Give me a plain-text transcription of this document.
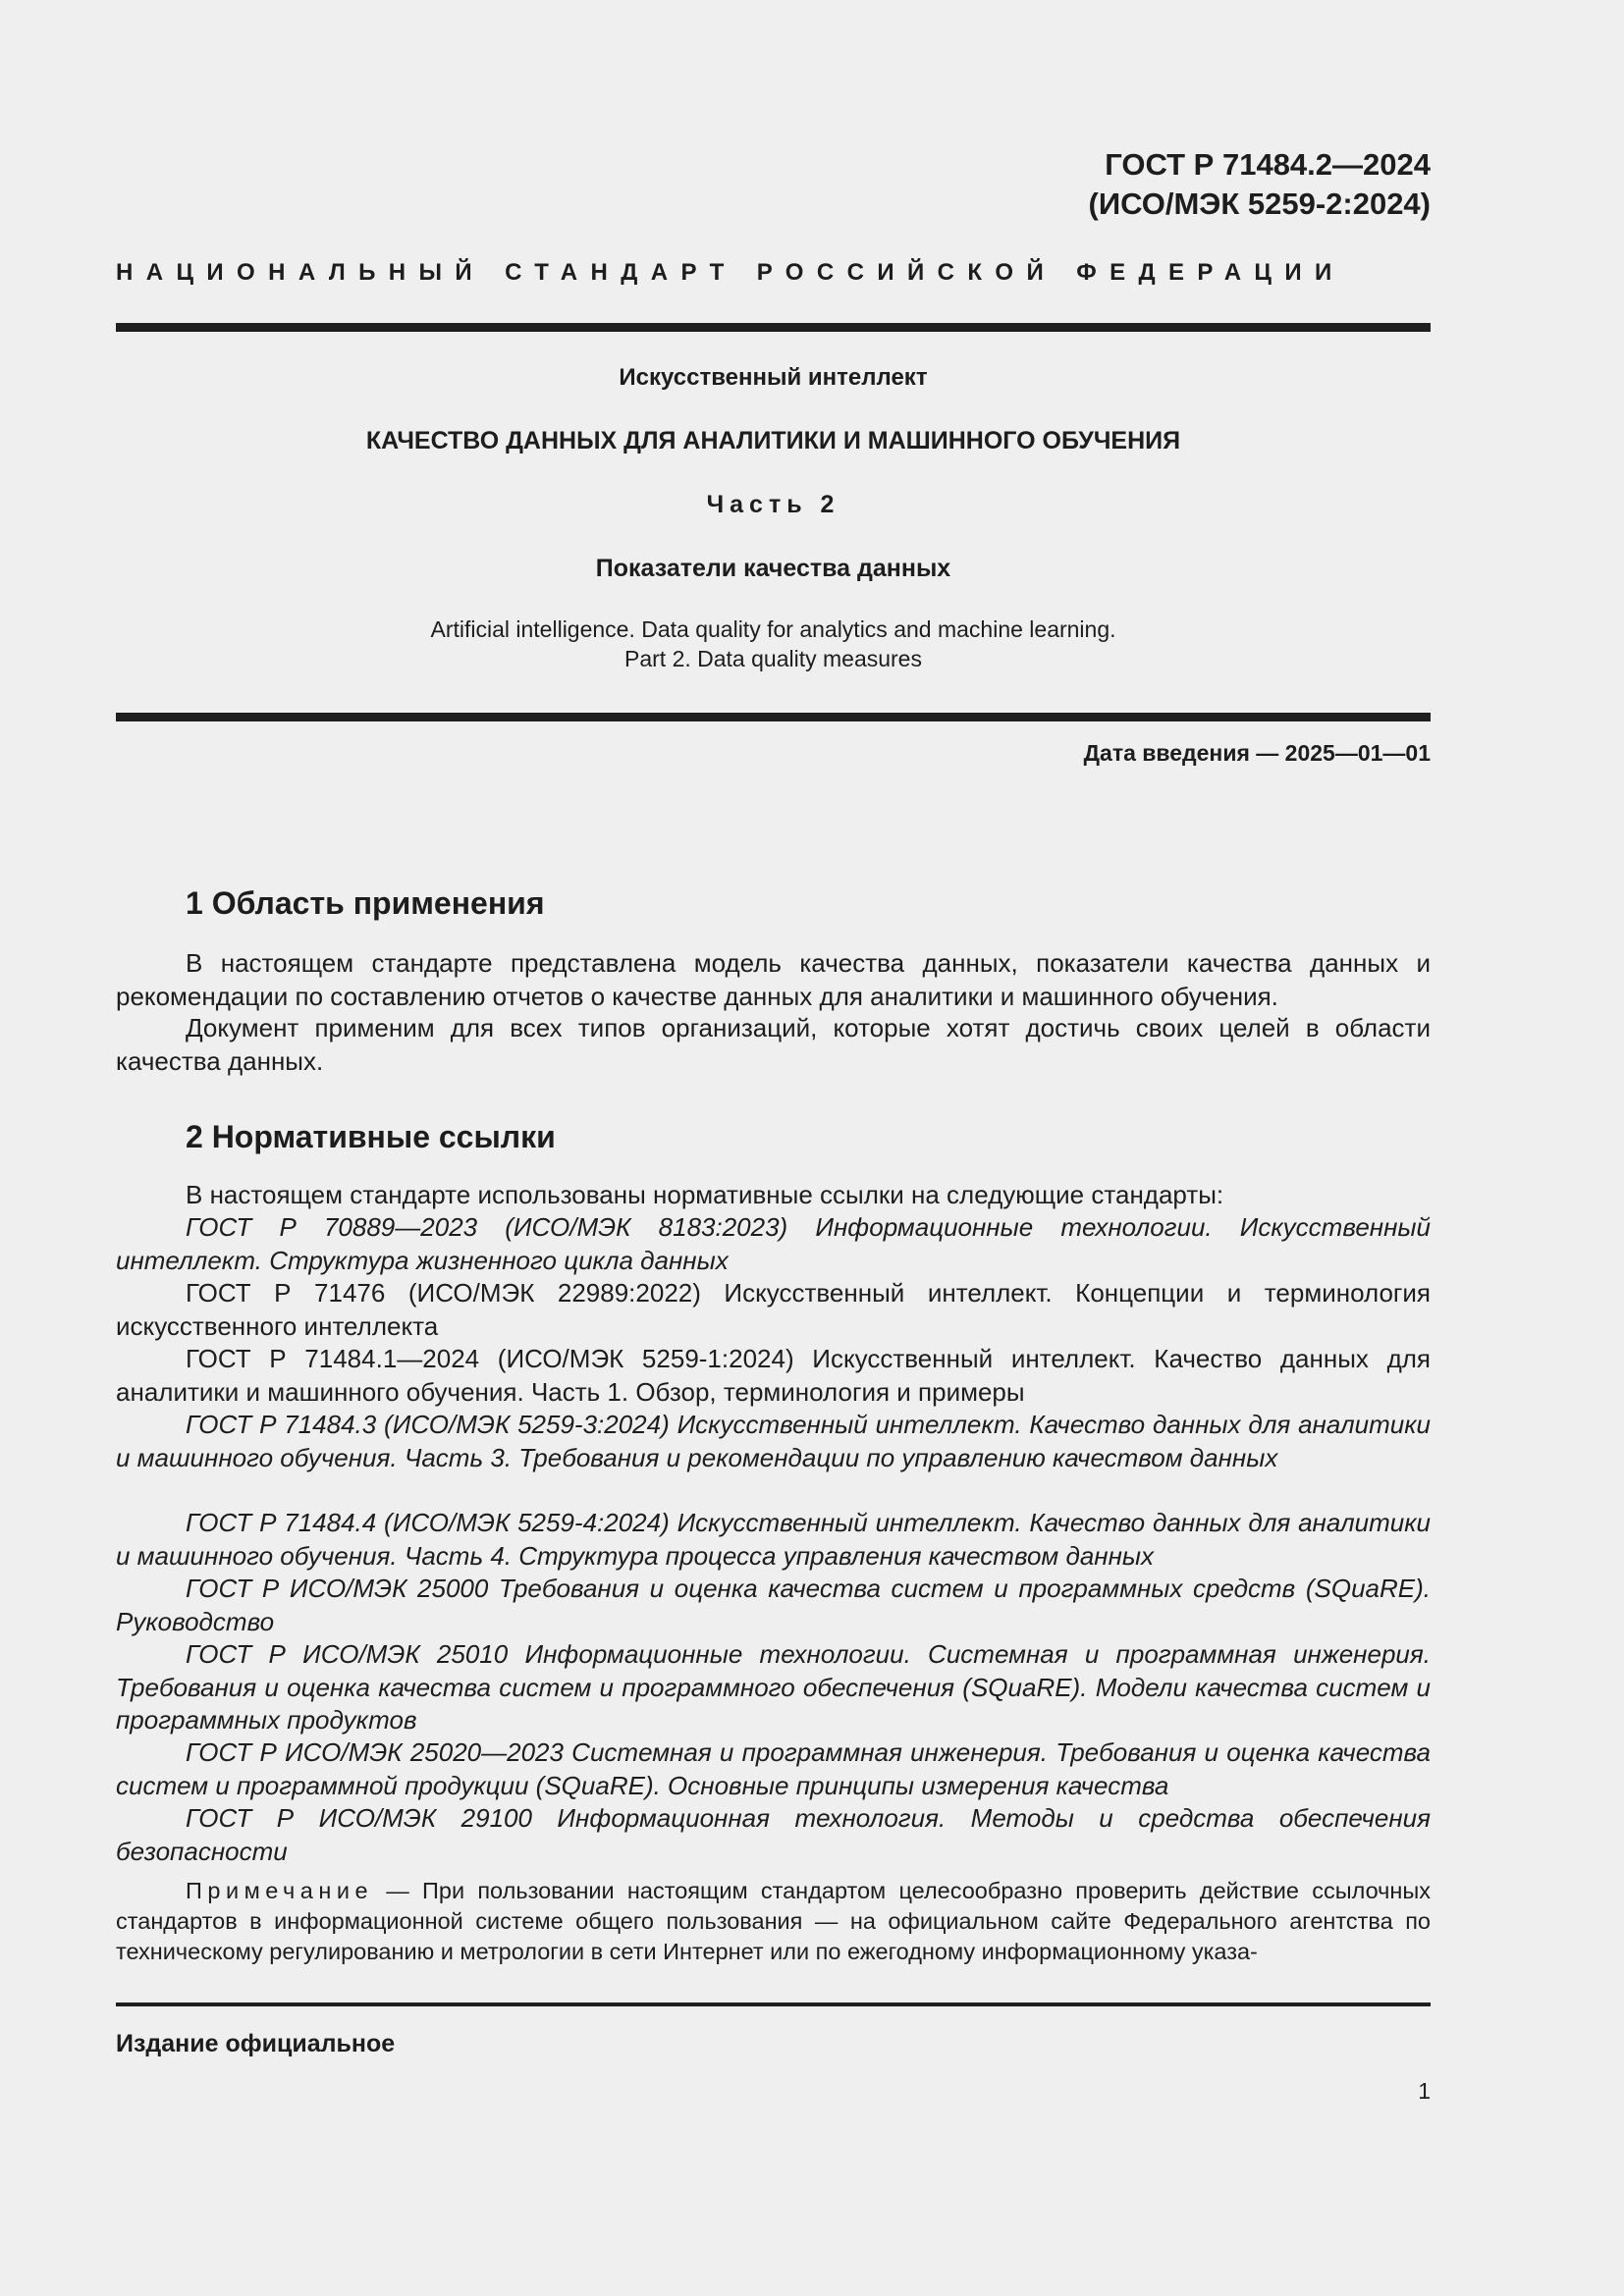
ГОСТ Р 71484.2—2024
(ИСО/МЭК 5259-2:2024)
НАЦИОНАЛЬНЫЙ СТАНДАРТ РОССИЙСКОЙ ФЕДЕРАЦИИ
Искусственный интеллект
КАЧЕСТВО ДАННЫХ ДЛЯ АНАЛИТИКИ И МАШИННОГО ОБУЧЕНИЯ
Часть 2
Показатели качества данных
Artificial intelligence. Data quality for analytics and machine learning.
Part 2. Data quality measures
Дата введения — 2025—01—01
1 Область применения

В настоящем стандарте представлена модель качества данных, показатели качества данных и рекомендации по составлению отчетов о качестве данных для аналитики и машинного обучения.

Документ применим для всех типов организаций, которые хотят достичь своих целей в области качества данных.

2 Нормативные ссылки

В настоящем стандарте использованы нормативные ссылки на следующие стандарты:

ГОСТ Р 70889—2023 (ИСО/МЭК 8183:2023) Информационные технологии. Искусственный интеллект. Структура жизненного цикла данных

ГОСТ Р 71476 (ИСО/МЭК 22989:2022) Искусственный интеллект. Концепции и терминология искусственного интеллекта

ГОСТ Р 71484.1—2024 (ИСО/МЭК 5259-1:2024) Искусственный интеллект. Качество данных для аналитики и машинного обучения. Часть 1. Обзор, терминология и примеры

ГОСТ Р 71484.3 (ИСО/МЭК 5259-3:2024) Искусственный интеллект. Качество данных для аналитики и машинного обучения. Часть 3. Требования и рекомендации по управлению качеством данных

ГОСТ Р 71484.4 (ИСО/МЭК 5259-4:2024) Искусственный интеллект. Качество данных для аналитики и машинного обучения. Часть 4. Структура процесса управления качеством данных

ГОСТ Р ИСО/МЭК 25000 Требования и оценка качества систем и программных средств (SQuaRE). Руководство

ГОСТ Р ИСО/МЭК 25010 Информационные технологии. Системная и программная инженерия. Требования и оценка качества систем и программного обеспечения (SQuaRE). Модели качества систем и программных продуктов

ГОСТ Р ИСО/МЭК 25020—2023 Системная и программная инженерия. Требования и оценка качества систем и программной продукции (SQuaRE). Основные принципы измерения качества

ГОСТ Р ИСО/МЭК 29100 Информационная технология. Методы и средства обеспечения безопасности

Примечание — При пользовании настоящим стандартом целесообразно проверить действие ссылочных стандартов в информационной системе общего пользования — на официальном сайте Федерального агентства по техническому регулированию и метрологии в сети Интернет или по ежегодному информационному указа-

Издание официальное
1
